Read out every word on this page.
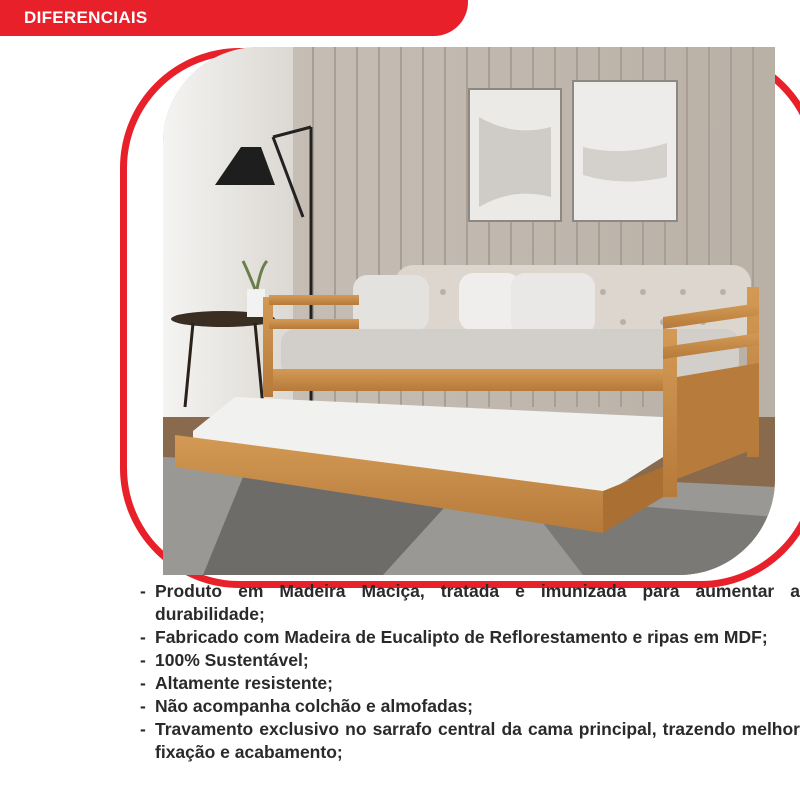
DIFERENCIAIS
- Produto em Madeira Maciça, tratada e imunizada para aumentar a durabilidade;
- Fabricado com Madeira de Eucalipto de Reflorestamento e ripas em MDF;
- 100% Sustentável;
- Altamente resistente;
- Não acompanha colchão e almofadas;
- Travamento exclusivo no sarrafo central da cama principal, trazendo melhor fixação e acabamento;
